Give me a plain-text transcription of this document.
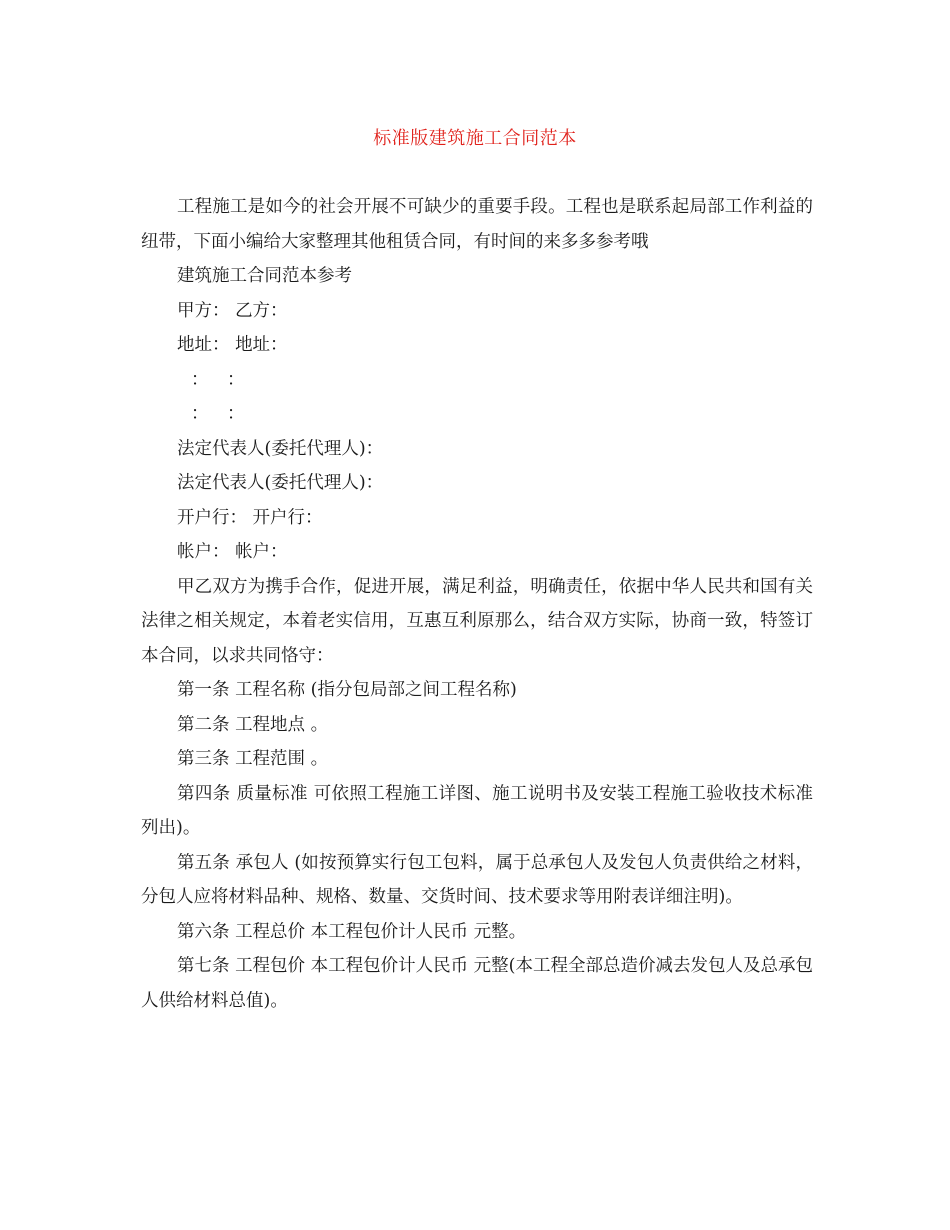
标准版建筑施工合同范本

工程施工是如今的社会开展不可缺少的重要手段。工程也是联系起局部工作利益的纽带，下面小编给大家整理其他租赁合同，有时间的来多多参考哦

建筑施工合同范本参考

甲方： 乙方：

地址： 地址：

： ：

： ：

法定代表人(委托代理人)：

法定代表人(委托代理人)：

开户行： 开户行：

帐户： 帐户：

甲乙双方为携手合作，促进开展，满足利益，明确责任，依据中华人民共和国有关法律之相关规定，本着老实信用，互惠互利原那么，结合双方实际，协商一致，特签订本合同，以求共同恪守：

第一条 工程名称 (指分包局部之间工程名称)

第二条 工程地点 。

第三条 工程范围 。

第四条 质量标准 可依照工程施工详图、施工说明书及安装工程施工验收技术标准列出)。

第五条 承包人 (如按预算实行包工包料，属于总承包人及发包人负责供给之材料，分包人应将材料品种、规格、数量、交货时间、技术要求等用附表详细注明)。

第六条 工程总价 本工程包价计人民币 元整。

第七条 工程包价 本工程包价计人民币 元整(本工程全部总造价减去发包人及总承包人供给材料总值)。
